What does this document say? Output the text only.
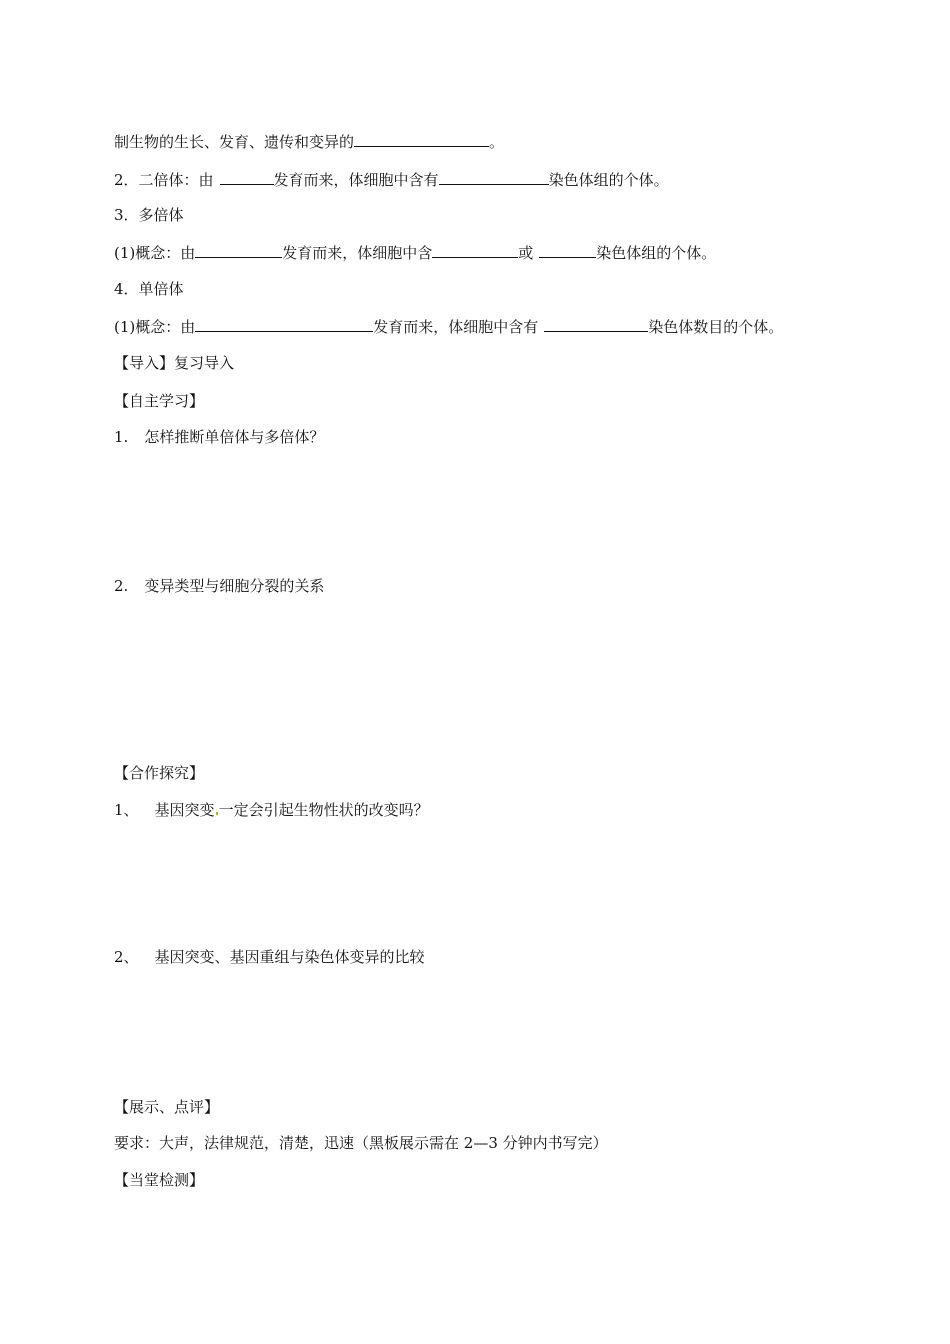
制生物的生长、发育、遗传和变异的	。
2．二倍体：由	发育而来，体细胞中含有	染色体组的个体。
3．多倍体
(1)概念：由	发育而来，体细胞中含	或	染色体组的个体。
4．单倍体
(1)概念：由	发育而来，体细胞中含有	染色体数目的个体。
【导入】复习导入
【自主学习】
1. 怎样推断单倍体与多倍体？
2. 变异类型与细胞分裂的关系
【合作探究】
1、 基因突变 一定会引起生物性状的改变吗？
2、 基因突变、基因重组与染色体变异的比较
【展示、点评】
要求：大声，法律规范，清楚，迅速（黑板展示需在 2—3 分钟内书写完）
【当堂检测】
